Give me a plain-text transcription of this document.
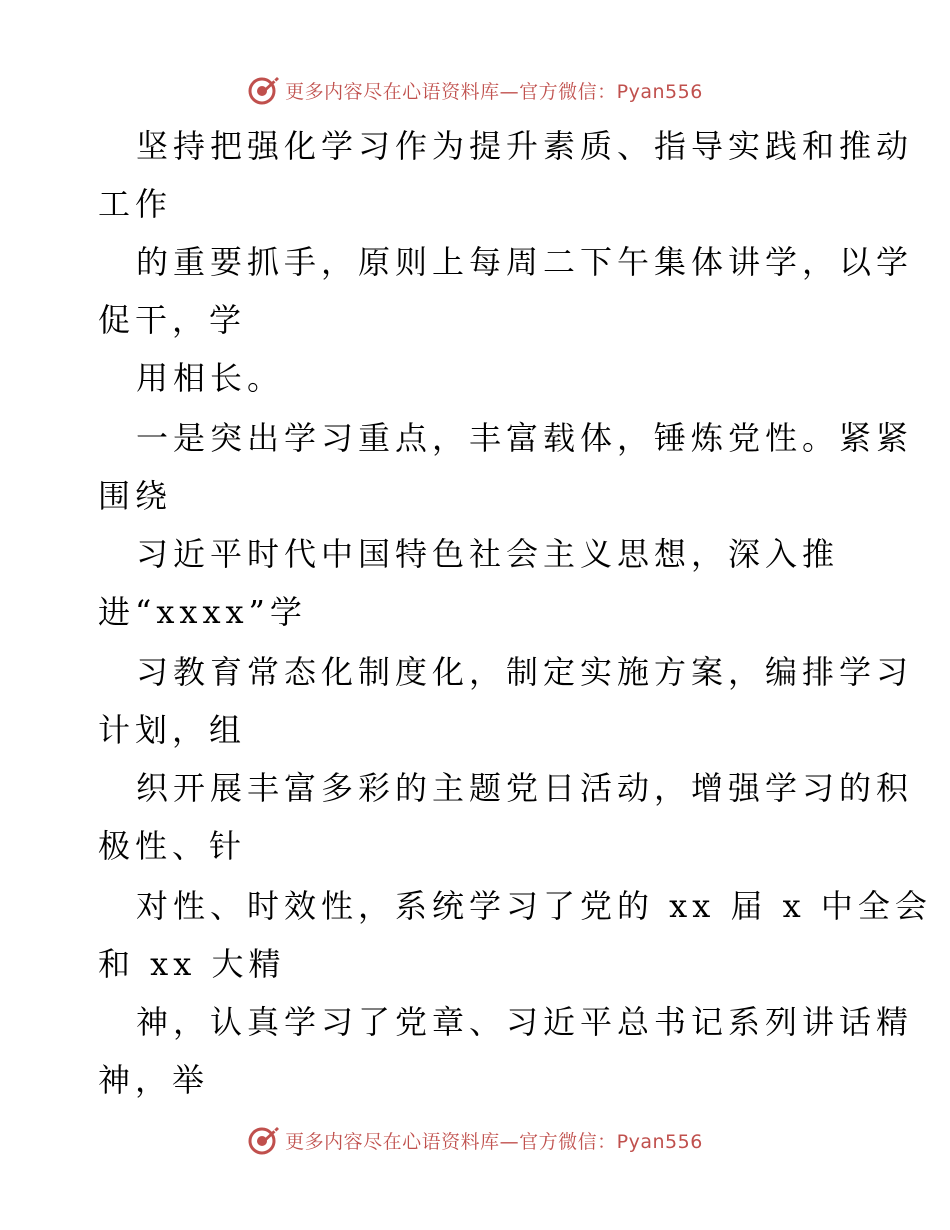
更多内容尽在心语资料库—官方微信：Pyan556
坚持把强化学习作为提升素质、指导实践和推动
工作
的重要抓手，原则上每周二下午集体讲学，以学
促干，学
用相长。
一是突出学习重点，丰富载体，锤炼党性。紧紧
围绕
习近平时代中国特色社会主义思想，深入推
进“xxxx”学
习教育常态化制度化，制定实施方案，编排学习
计划，组
织开展丰富多彩的主题党日活动，增强学习的积
极性、针
对性、时效性，系统学习了党的 xx 届 x 中全会
和 xx 大精
神，认真学习了党章、习近平总书记系列讲话精
神，举
更多内容尽在心语资料库—官方微信：Pyan556
